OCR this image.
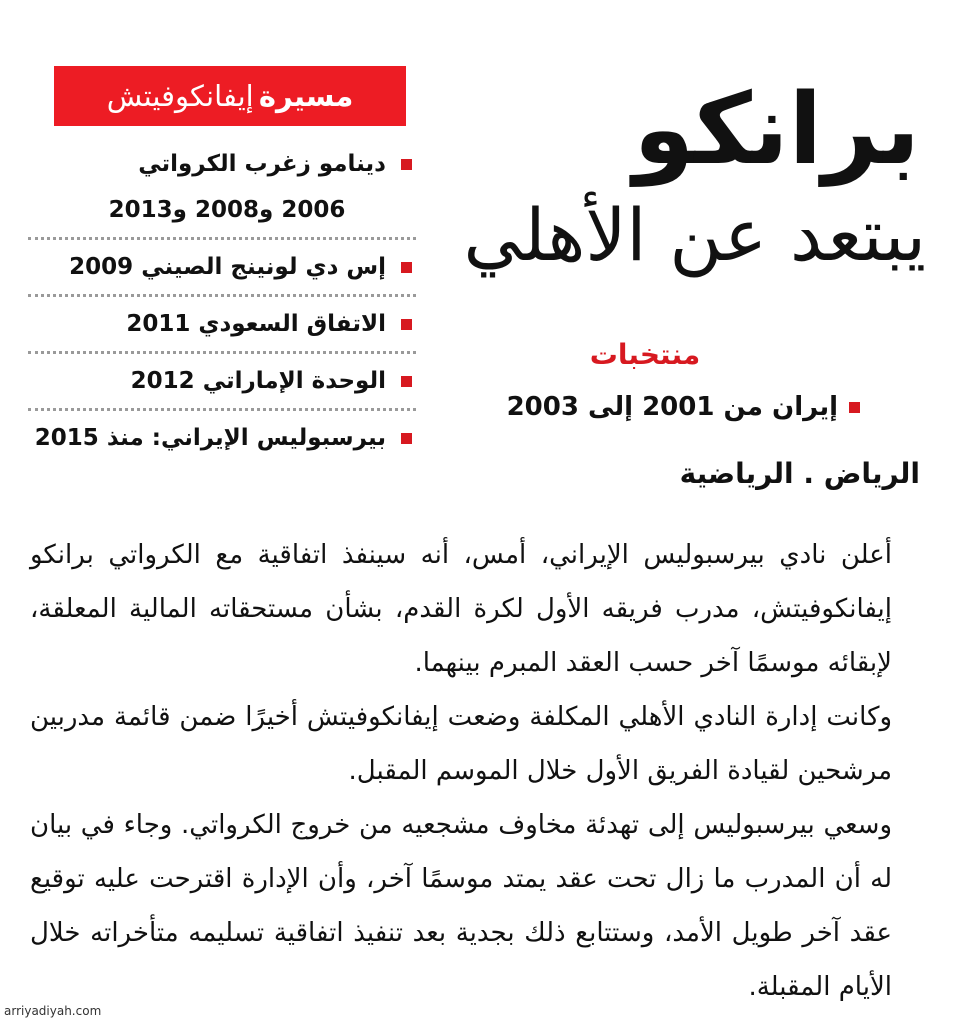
برانكو
يبتعد عن الأهلي
منتخبات
إيران من 2001 إلى 2003
مسيرة

إيفانكوفيتش
دينامو زغرب الكرواتي
2006 و2008 و2013
إس دي لونينج الصيني 2009
الاتفاق السعودي 2011
الوحدة الإماراتي 2012
بيرسبوليس الإيراني: منذ 2015
الرياض . الرياضية

أعلن نادي بيرسبوليس الإيراني، أمس، أنه سينفذ اتفاقية مع الكرواتي برانكو إيفانكوفيتش، مدرب فريقه الأول لكرة القدم، بشأن مستحقاته المالية المعلقة، لإبقائه موسمًا آخر حسب العقد المبرم بينهما.

وكانت إدارة النادي الأهلي المكلفة وضعت إيفانكوفيتش أخيرًا ضمن قائمة مدربين مرشحين لقيادة الفريق الأول خلال الموسم المقبل.

وسعي بيرسبوليس إلى تهدئة مخاوف مشجعيه من خروج الكرواتي. وجاء في بيان له أن المدرب ما زال تحت عقد يمتد موسمًا آخر، وأن الإدارة اقترحت عليه توقيع عقد آخر طويل الأمد، وستتابع ذلك بجدية بعد تنفيذ اتفاقية تسليمه متأخراته خلال الأيام المقبلة.

arriyadiyah.com
